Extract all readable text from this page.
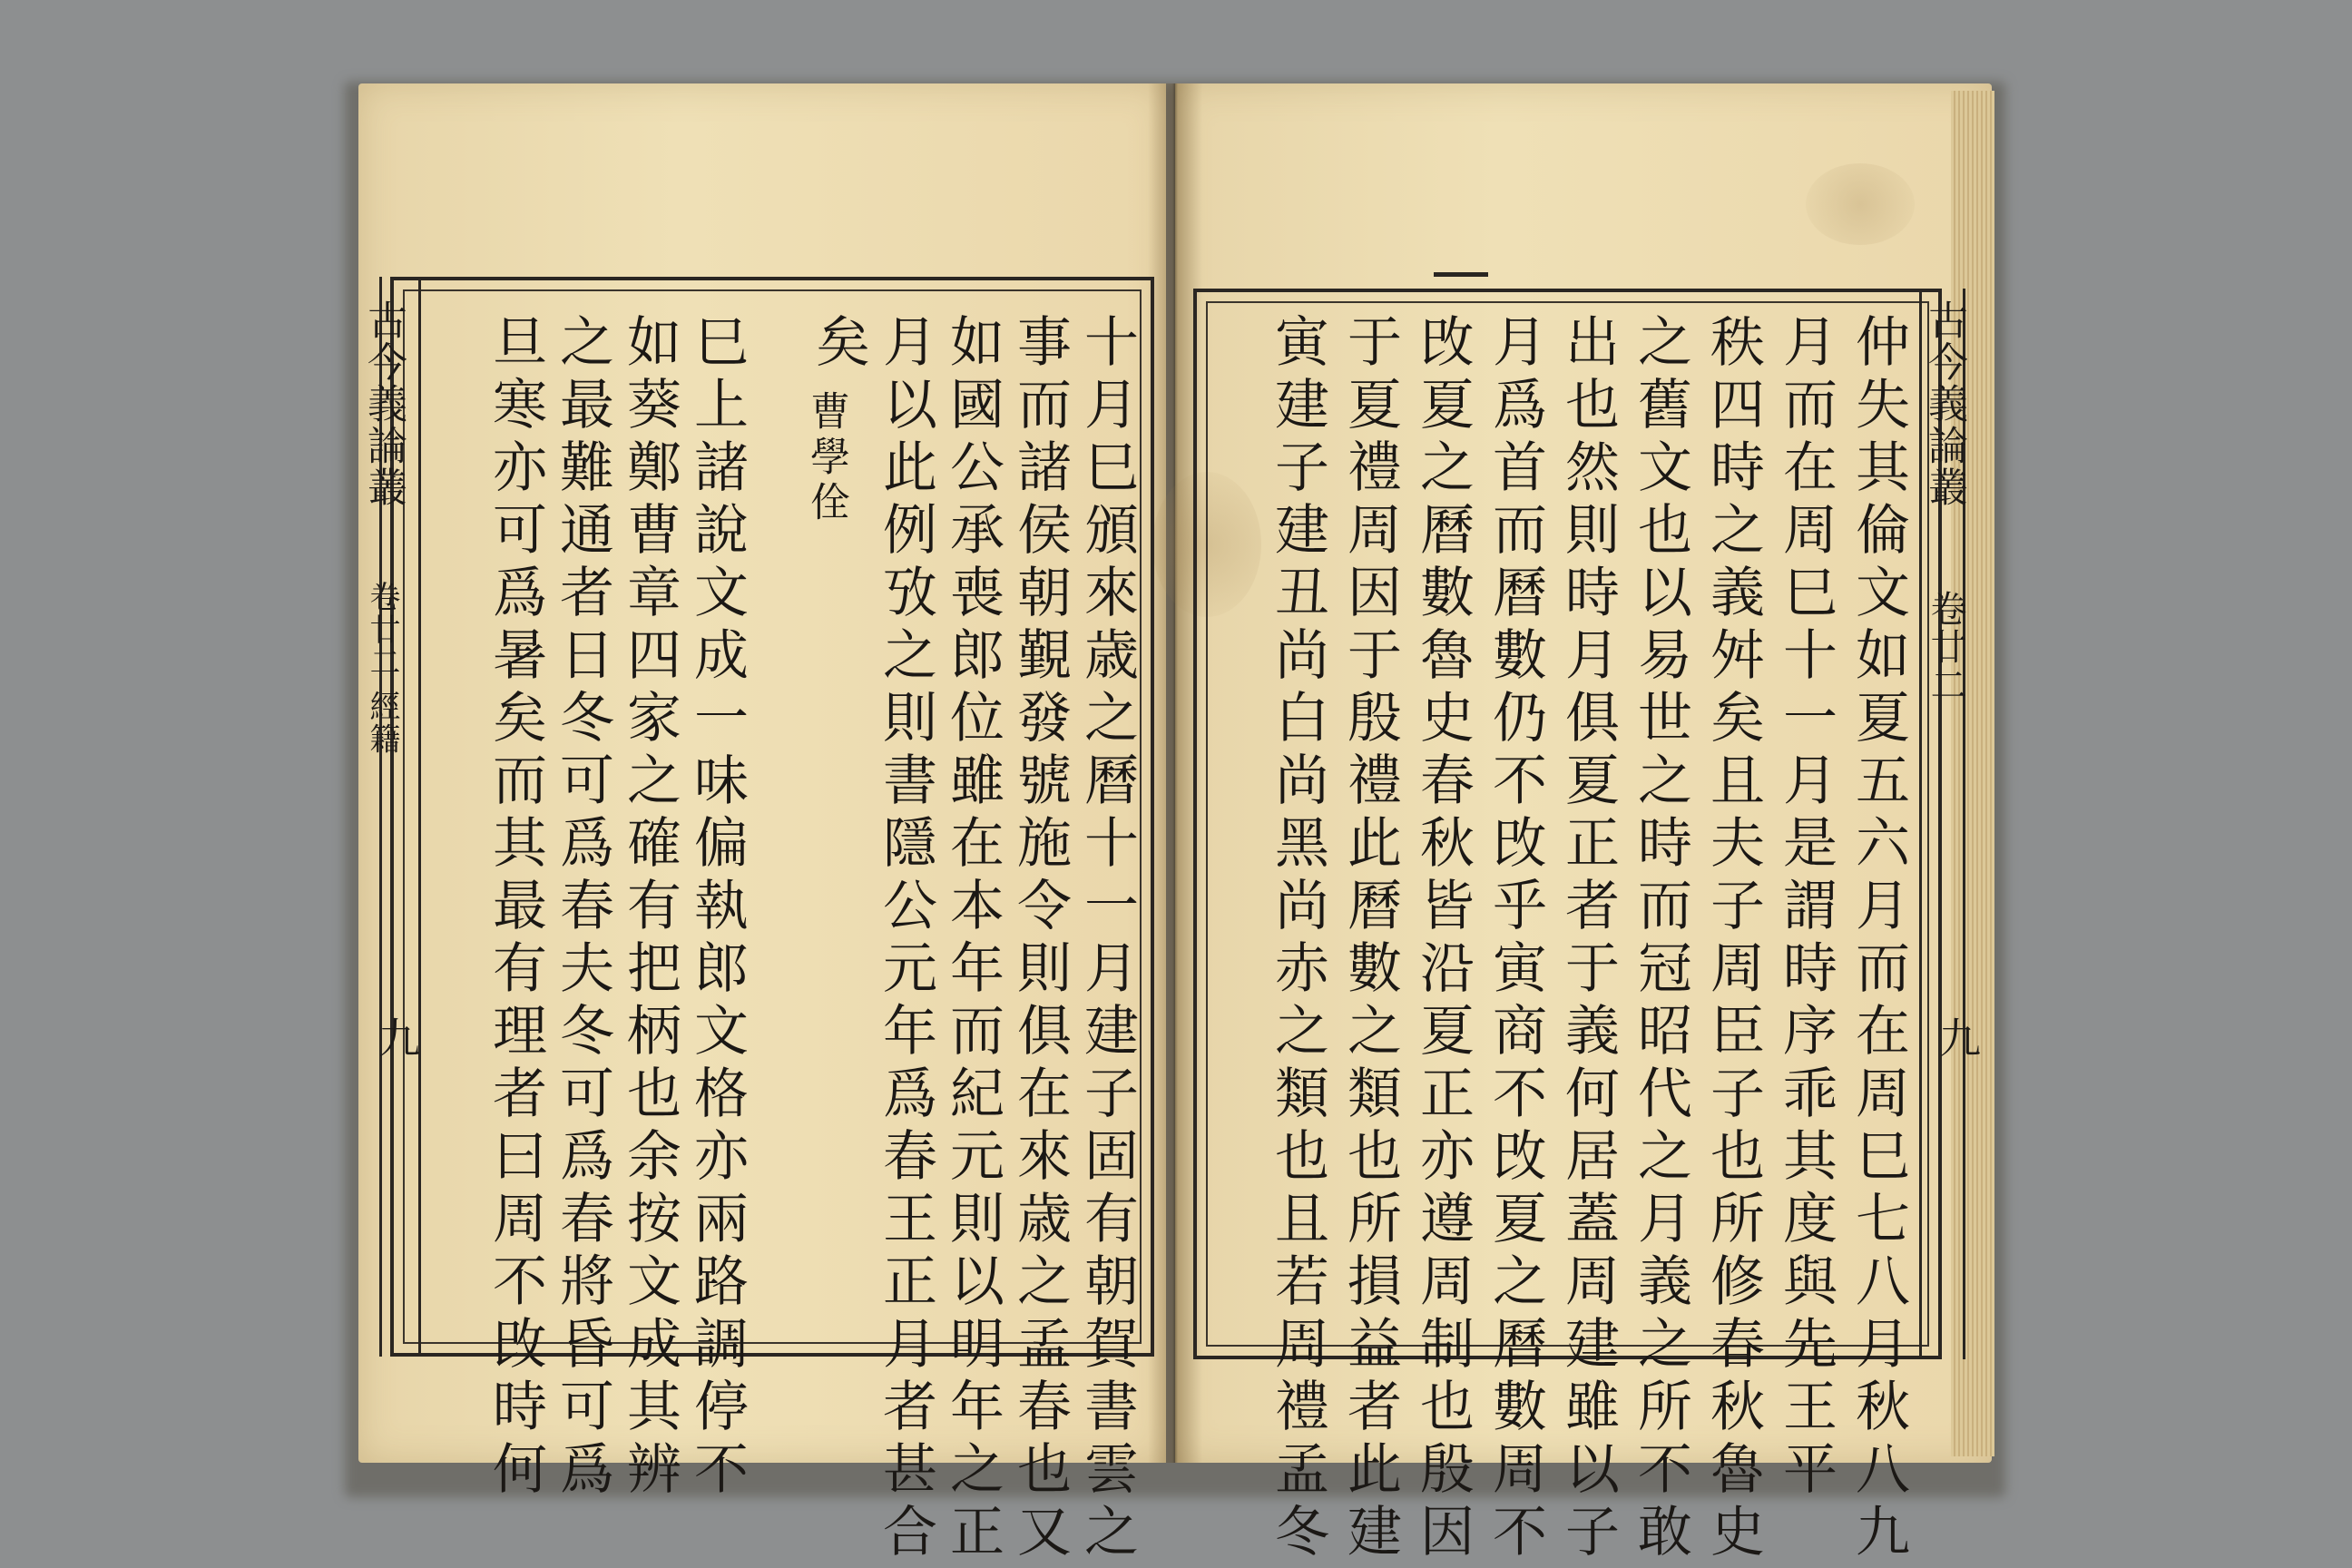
古今義論叢
卷廿二 經籍
九	十月巳頒來歳之曆十一月建子固有朝賀書雲之
事而諸侯朝覲發號施令則俱在來歳之孟春也又
如國公承喪郎位雖在本年而紀元則以明年之正
月以此例攷之則書隱公元年爲春王正月者甚合
矣
曹學佺
巳上諸說文成一味偏執郎文格亦兩路調停不
如葵鄭曹章四家之確有把柄也余按文成其辨
之最難通者日冬可爲春夫冬可爲春將昏可爲
旦寒亦可爲暑矣而其最有理者曰周不攺時何	古今義論叢
卷廿二
九
仲失其倫文如夏五六月而在周巳七八月秋八九
月而在周巳十一月是謂時序乖其度與先王平
秩四時之義舛矣且夫子周臣子也所修春秋魯史
之舊文也以易世之時而冠昭代之月義之所不敢
出也然則時月俱夏正者于義何居蓋周建雖以子
月爲首而曆數仍不攺乎寅商不攺夏之曆數周不
攺夏之曆數魯史春秋皆沿夏正亦遵周制也殷因
于夏禮周因于殷禮此曆數之類也所損益者此建
寅建子建丑尚白尚黑尚赤之類也且若周禮孟冬
